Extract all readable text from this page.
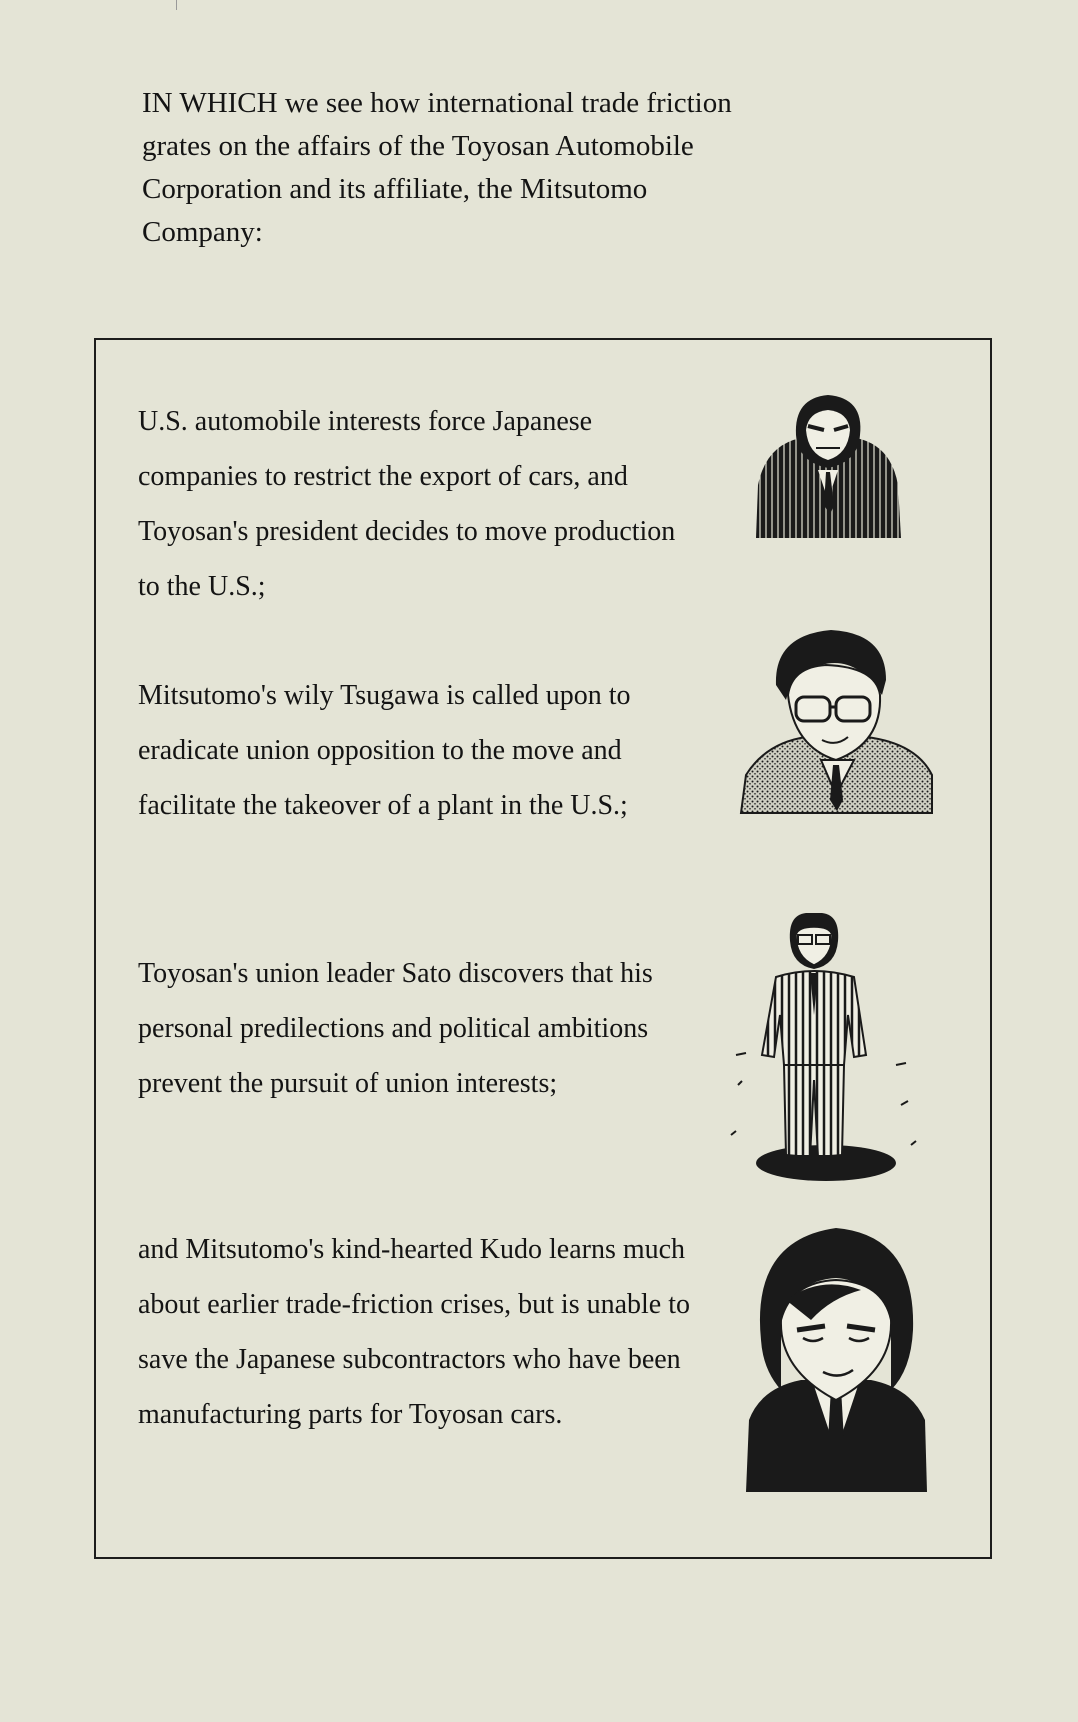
IN WHICH we see how international trade friction grates on the affairs of the Toyosan Automobile Corporation and its affiliate, the Mitsutomo Company:

U.S. automobile interests force Japanese companies to restrict the export of cars, and Toyosan's president decides to move production to the U.S.;

Mitsutomo's wily Tsugawa is called upon to eradicate union opposition to the move and facilitate the takeover of a plant in the U.S.;

Toyosan's union leader Sato discovers that his personal predilections and political ambitions prevent the pursuit of union interests;

and Mitsutomo's kind-hearted Kudo learns much about earlier trade-friction crises, but is unable to save the Japanese subcontractors who have been manufacturing parts for Toyosan cars.
